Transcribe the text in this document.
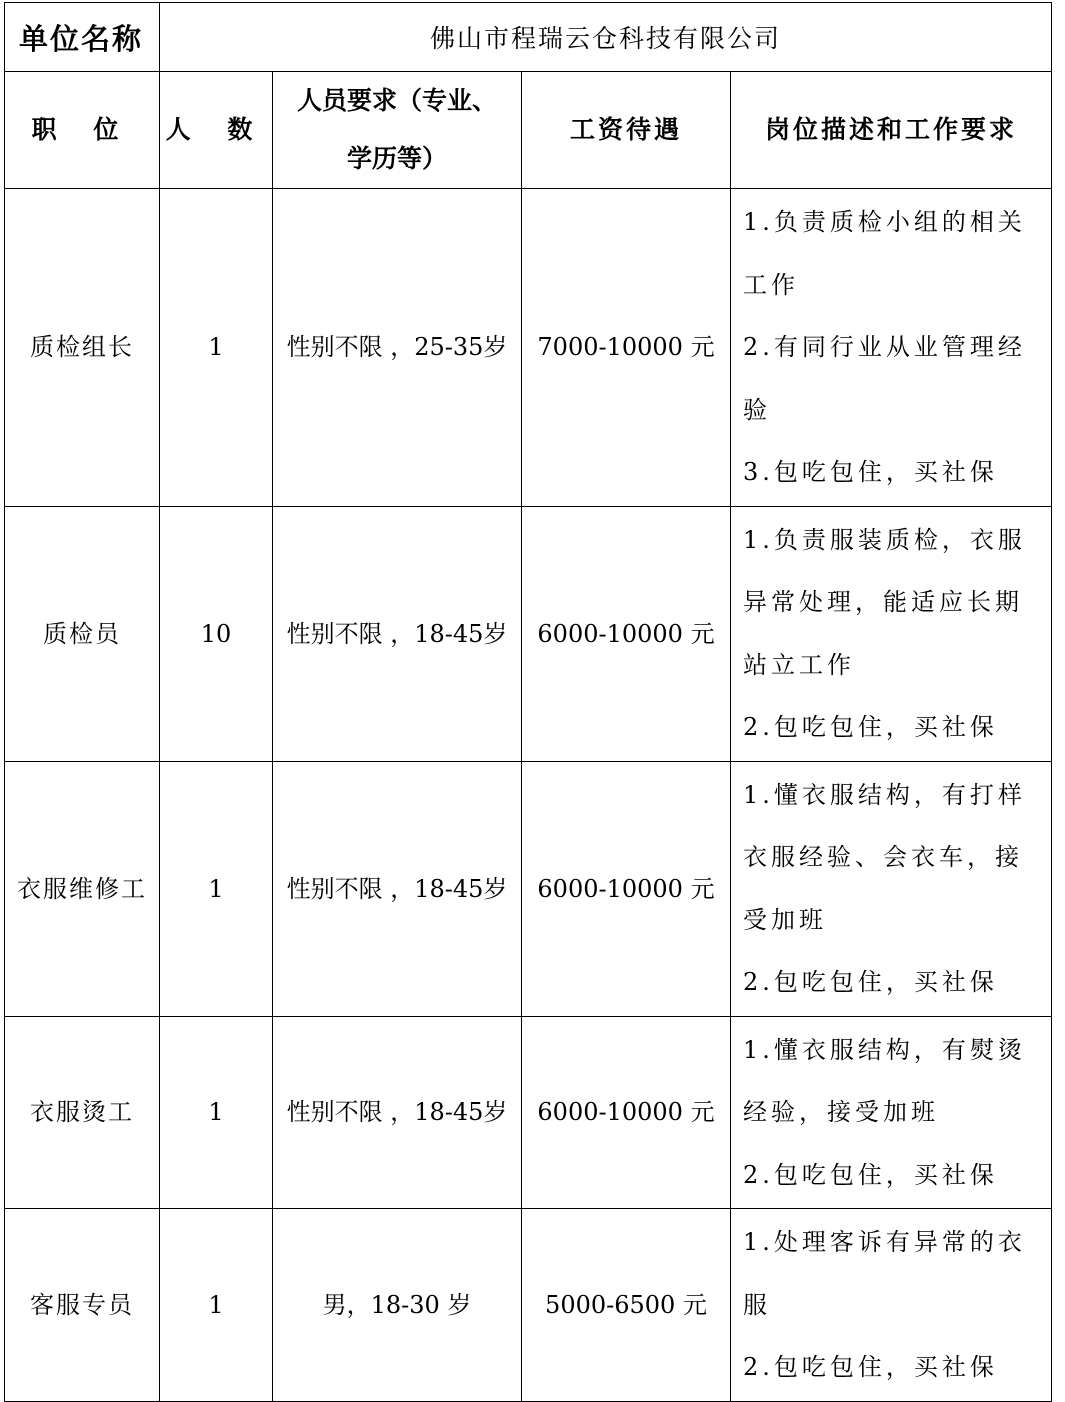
单位名称	佛山市程瑞云仓科技有限公司			
职 位	人 数	人员要求（专业、学历等）	工资待遇	岗位描述和工作要求
质检组长	1	性别不限 ，25-35岁	7000-10000 元	1.负责质检小组的相关工作
2.有同行业从业管理经验
3.包吃包住，买社保

质检员	10	性别不限 ，18-45岁	6000-10000 元	1.负责服装质检，衣服异常处理，能适应长期站立工作
2.包吃包住，买社保

衣服维修工	1	性别不限 ，18-45岁	6000-10000 元	1.懂衣服结构，有打样衣服经验、会衣车，接受加班
2.包吃包住，买社保

衣服烫工	1	性别不限 ，18-45岁	6000-10000 元	1.懂衣服结构，有熨烫经验，接受加班
2.包吃包住，买社保

客服专员	1	男，18-30 岁	5000-6500 元	1.处理客诉有异常的衣服
2.包吃包住，买社保
